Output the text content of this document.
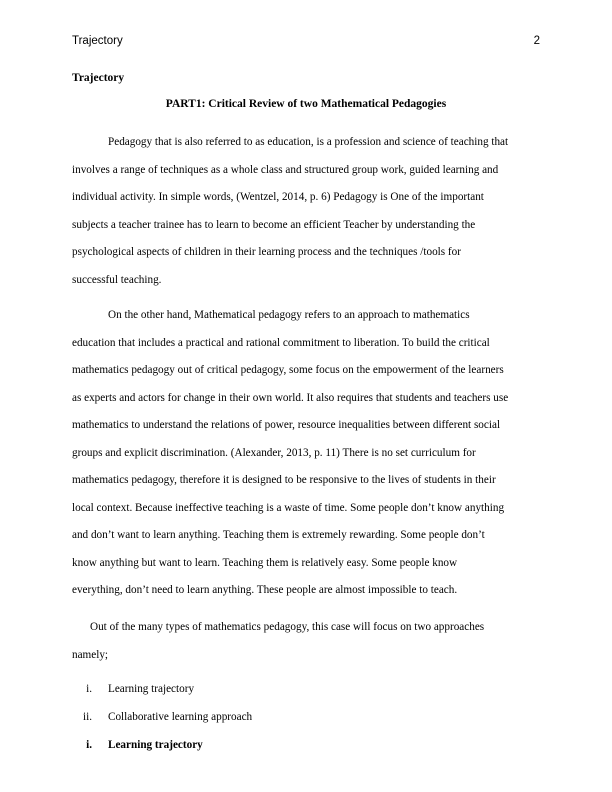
Trajectory	2
Trajectory
PART1: Critical Review of two Mathematical Pedagogies
Pedagogy that is also referred to as education, is a profession and science of teaching that
involves a range of techniques as a whole class and structured group work, guided learning and
individual activity. In simple words, (Wentzel, 2014, p. 6) Pedagogy is One of the important
subjects a teacher trainee has to learn to become an efficient Teacher by understanding the
psychological aspects of children in their learning process and the techniques /tools for
successful teaching.
On the other hand, Mathematical pedagogy refers to an approach to mathematics
education that includes a practical and rational commitment to liberation. To build the critical
mathematics pedagogy out of critical pedagogy, some focus on the empowerment of the learners
as experts and actors for change in their own world. It also requires that students and teachers use
mathematics to understand the relations of power, resource inequalities between different social
groups and explicit discrimination. (Alexander, 2013, p. 11) There is no set curriculum for
mathematics pedagogy, therefore it is designed to be responsive to the lives of students in their
local context. Because ineffective teaching is a waste of time. Some people don’t know anything
and don’t want to learn anything. Teaching them is extremely rewarding. Some people don’t
know anything but want to learn. Teaching them is relatively easy. Some people know
everything, don’t need to learn anything. These people are almost impossible to teach.
Out of the many types of mathematics pedagogy, this case will focus on two approaches
namely;
i. Learning trajectory
ii. Collaborative learning approach
i. Learning trajectory
